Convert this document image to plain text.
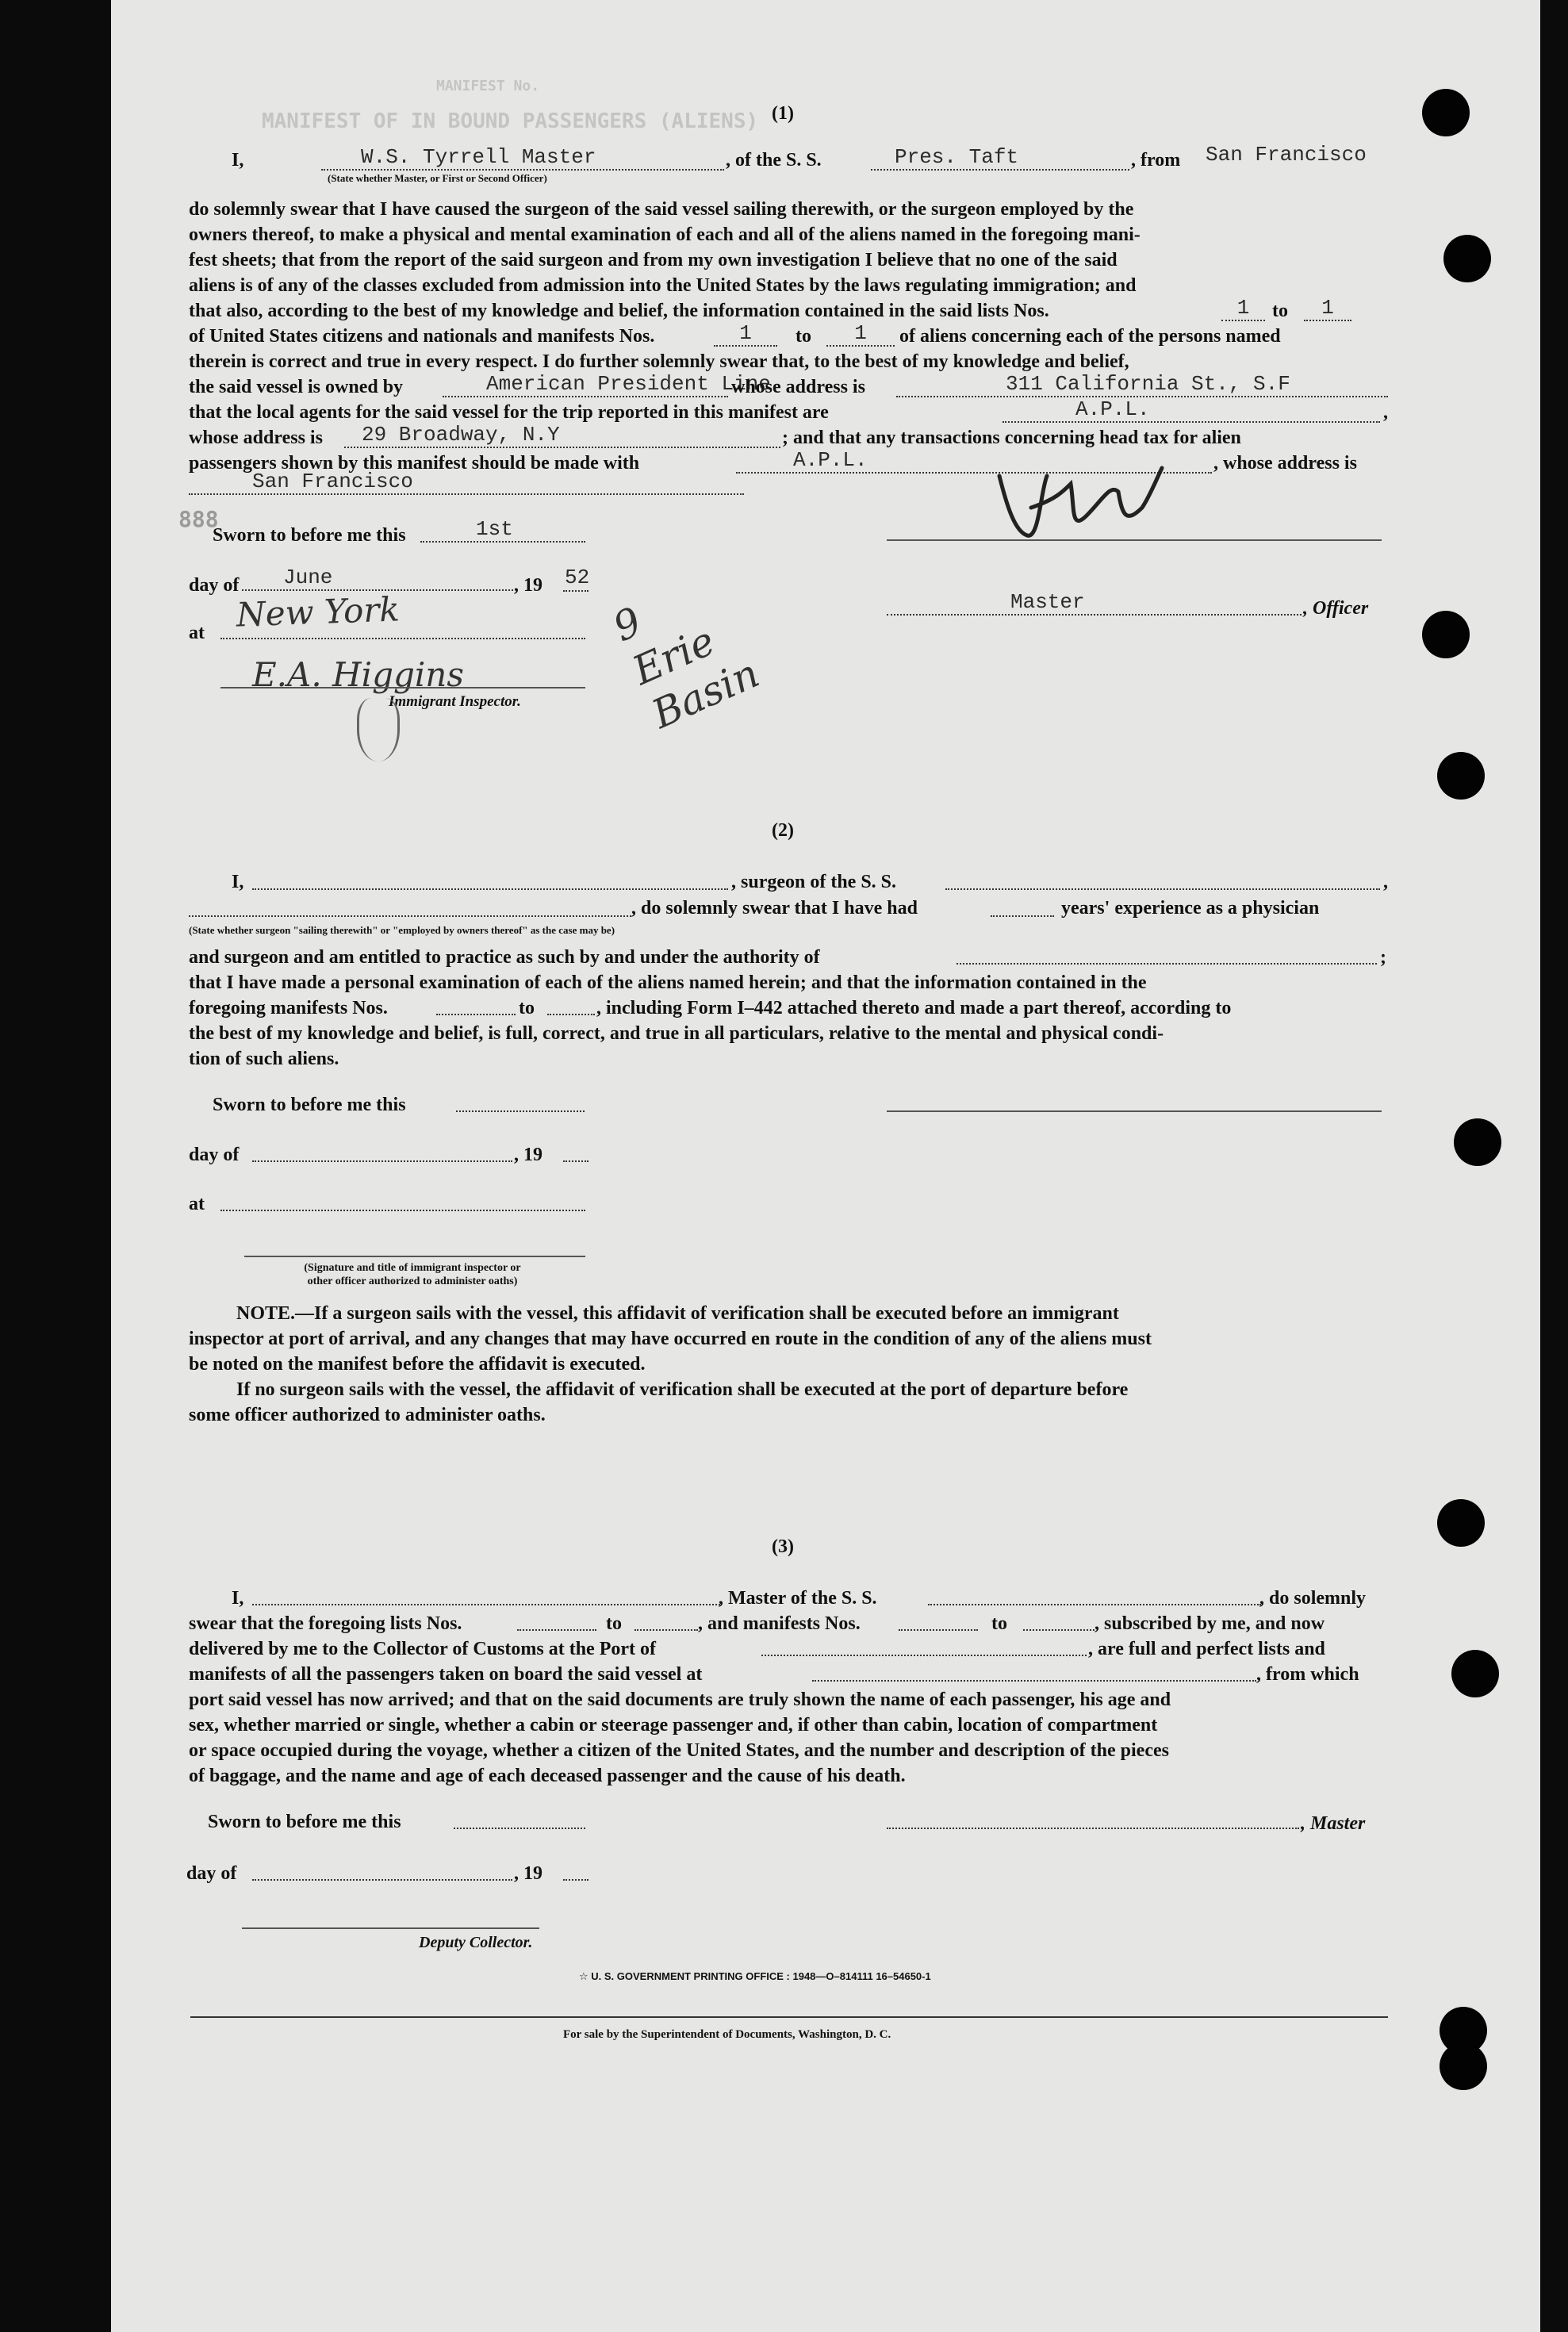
MANIFEST No.
MANIFEST OF IN BOUND PASSENGERS (ALIENS) (1)
I,	W.S. Tyrrell Master
(State whether Master, or First or Second Officer)
, of the S. S.	Pres. Taft	, from San Francisco
do solemnly swear that I have caused the surgeon of the said vessel sailing therewith, or the surgeon employed by the
owners thereof, to make a physical and mental examination of each and all of the aliens named in the foregoing mani-
fest sheets; that from the report of the said surgeon and from my own investigation I believe that no one of the said
aliens is of any of the classes excluded from admission into the United States by the laws regulating immigration; and
that also, according to the best of my knowledge and belief, the information contained in the said lists Nos.	1	to	1
of United States citizens and nationals and manifests Nos.	1	to	1	of aliens concerning each of the persons named
therein is correct and true in every respect. I do further solemnly swear that, to the best of my knowledge and belief,
the said vessel is owned by	American President Line
whose address is	311 California St., S.F
that the local agents for the said vessel for the trip reported in this manifest are	A.P.L.	,
whose address is	29 Broadway, N.Y	; and that any transactions concerning head tax for alien
passengers shown by this manifest should be made with	A.P.L.	, whose address is
San Francisco
888
Sworn to before me this	1st
day of	June	, 19 52
at New York
E.A. Higgins
Immigrant Inspector.
9 Erie Basin
Master	, Officer
(2)
I,	, surgeon of the S. S.	,
, do solemnly swear that I have had	years' experience as a physician
(State whether surgeon "sailing therewith" or "employed by owners thereof" as the case may be)
and surgeon and am entitled to practice as such by and under the authority of	;
that I have made a personal examination of each of the aliens named herein; and that the information contained in the
foregoing manifests Nos.	to	, including Form I–442 attached thereto and made a part thereof, according to
the best of my knowledge and belief, is full, correct, and true in all particulars, relative to the mental and physical condi-
tion of such aliens.
Sworn to before me this
day of	, 19
at
(Signature and title of immigrant inspector or
other officer authorized to administer oaths)
NOTE.—If a surgeon sails with the vessel, this affidavit of verification shall be executed before an immigrant
inspector at port of arrival, and any changes that may have occurred en route in the condition of any of the aliens must
be noted on the manifest before the affidavit is executed.
If no surgeon sails with the vessel, the affidavit of verification shall be executed at the port of departure before
some officer authorized to administer oaths.
(3)
I,	, Master of the S. S.	, do solemnly
swear that the foregoing lists Nos.	to	, and manifests Nos.	to	, subscribed by me, and now
delivered by me to the Collector of Customs at the Port of	, are full and perfect lists and
manifests of all the passengers taken on board the said vessel at	, from which
port said vessel has now arrived; and that on the said documents are truly shown the name of each passenger, his age and
sex, whether married or single, whether a cabin or steerage passenger and, if other than cabin, location of compartment
or space occupied during the voyage, whether a citizen of the United States, and the number and description of the pieces
of baggage, and the name and age of each deceased passenger and the cause of his death.
Sworn to before me this	, Master
day of	, 19
Deputy Collector.
☆ U. S. GOVERNMENT PRINTING OFFICE : 1948—O–814111 16–54650-1
For sale by the Superintendent of Documents, Washington, D. C.
